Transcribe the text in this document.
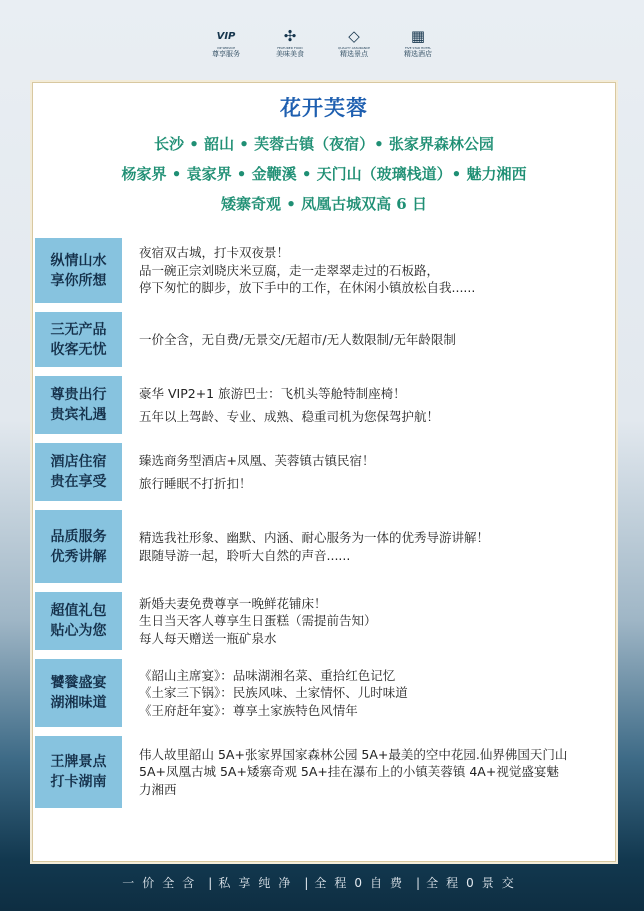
VIP
VIP SERVICE
尊享服务
✣
FEATURED FOOD
美味美食
◇
QUALITY ASSURANCE
精选景点
▦
FIVE STAR HOTEL
精选酒店
花开芙蓉
长沙 • 韶山 • 芙蓉古镇（夜宿）• 张家界森林公园
杨家界 • 袁家界 • 金鞭溪 • 天门山（玻璃栈道）• 魅力湘西
矮寨奇观 • 凤凰古城双高 6 日
纵情山水
享你所想
夜宿双古城，打卡双夜景！
品一碗正宗刘晓庆米豆腐，走一走翠翠走过的石板路，
停下匆忙的脚步，放下手中的工作，在休闲小镇放松自我......
三无产品
收客无忧
一价全含，无自费/无景交/无超市/无人数限制/无年龄限制
尊贵出行
贵宾礼遇
豪华 VIP2+1 旅游巴士：飞机头等舱特制座椅！
五年以上驾龄、专业、成熟、稳重司机为您保驾护航！
酒店住宿
贵在享受
臻选商务型酒店+凤凰、芙蓉镇古镇民宿！
旅行睡眠不打折扣！
品质服务
优秀讲解
精选我社形象、幽默、内涵、耐心服务为一体的优秀导游讲解！
跟随导游一起，聆听大自然的声音......
超值礼包
贴心为您
新婚夫妻免费尊享一晚鲜花铺床！
生日当天客人尊享生日蛋糕（需提前告知）
每人每天赠送一瓶矿泉水
饕餮盛宴
湖湘味道
《韶山主席宴》：品味湖湘名菜、重拾红色记忆
《土家三下锅》：民族风味、土家情怀、儿时味道
《王府赶年宴》：尊享土家族特色风情年
王牌景点
打卡湖南
伟人故里韶山 5A+张家界国家森林公园 5A+最美的空中花园.仙界佛国天门山 5A+凤凰古城 5A+矮寨奇观 5A+挂在瀑布上的小镇芙蓉镇 4A+视觉盛宴魅力湘西
一价全含 | 私享纯净 | 全程0自费 | 全程0景交
